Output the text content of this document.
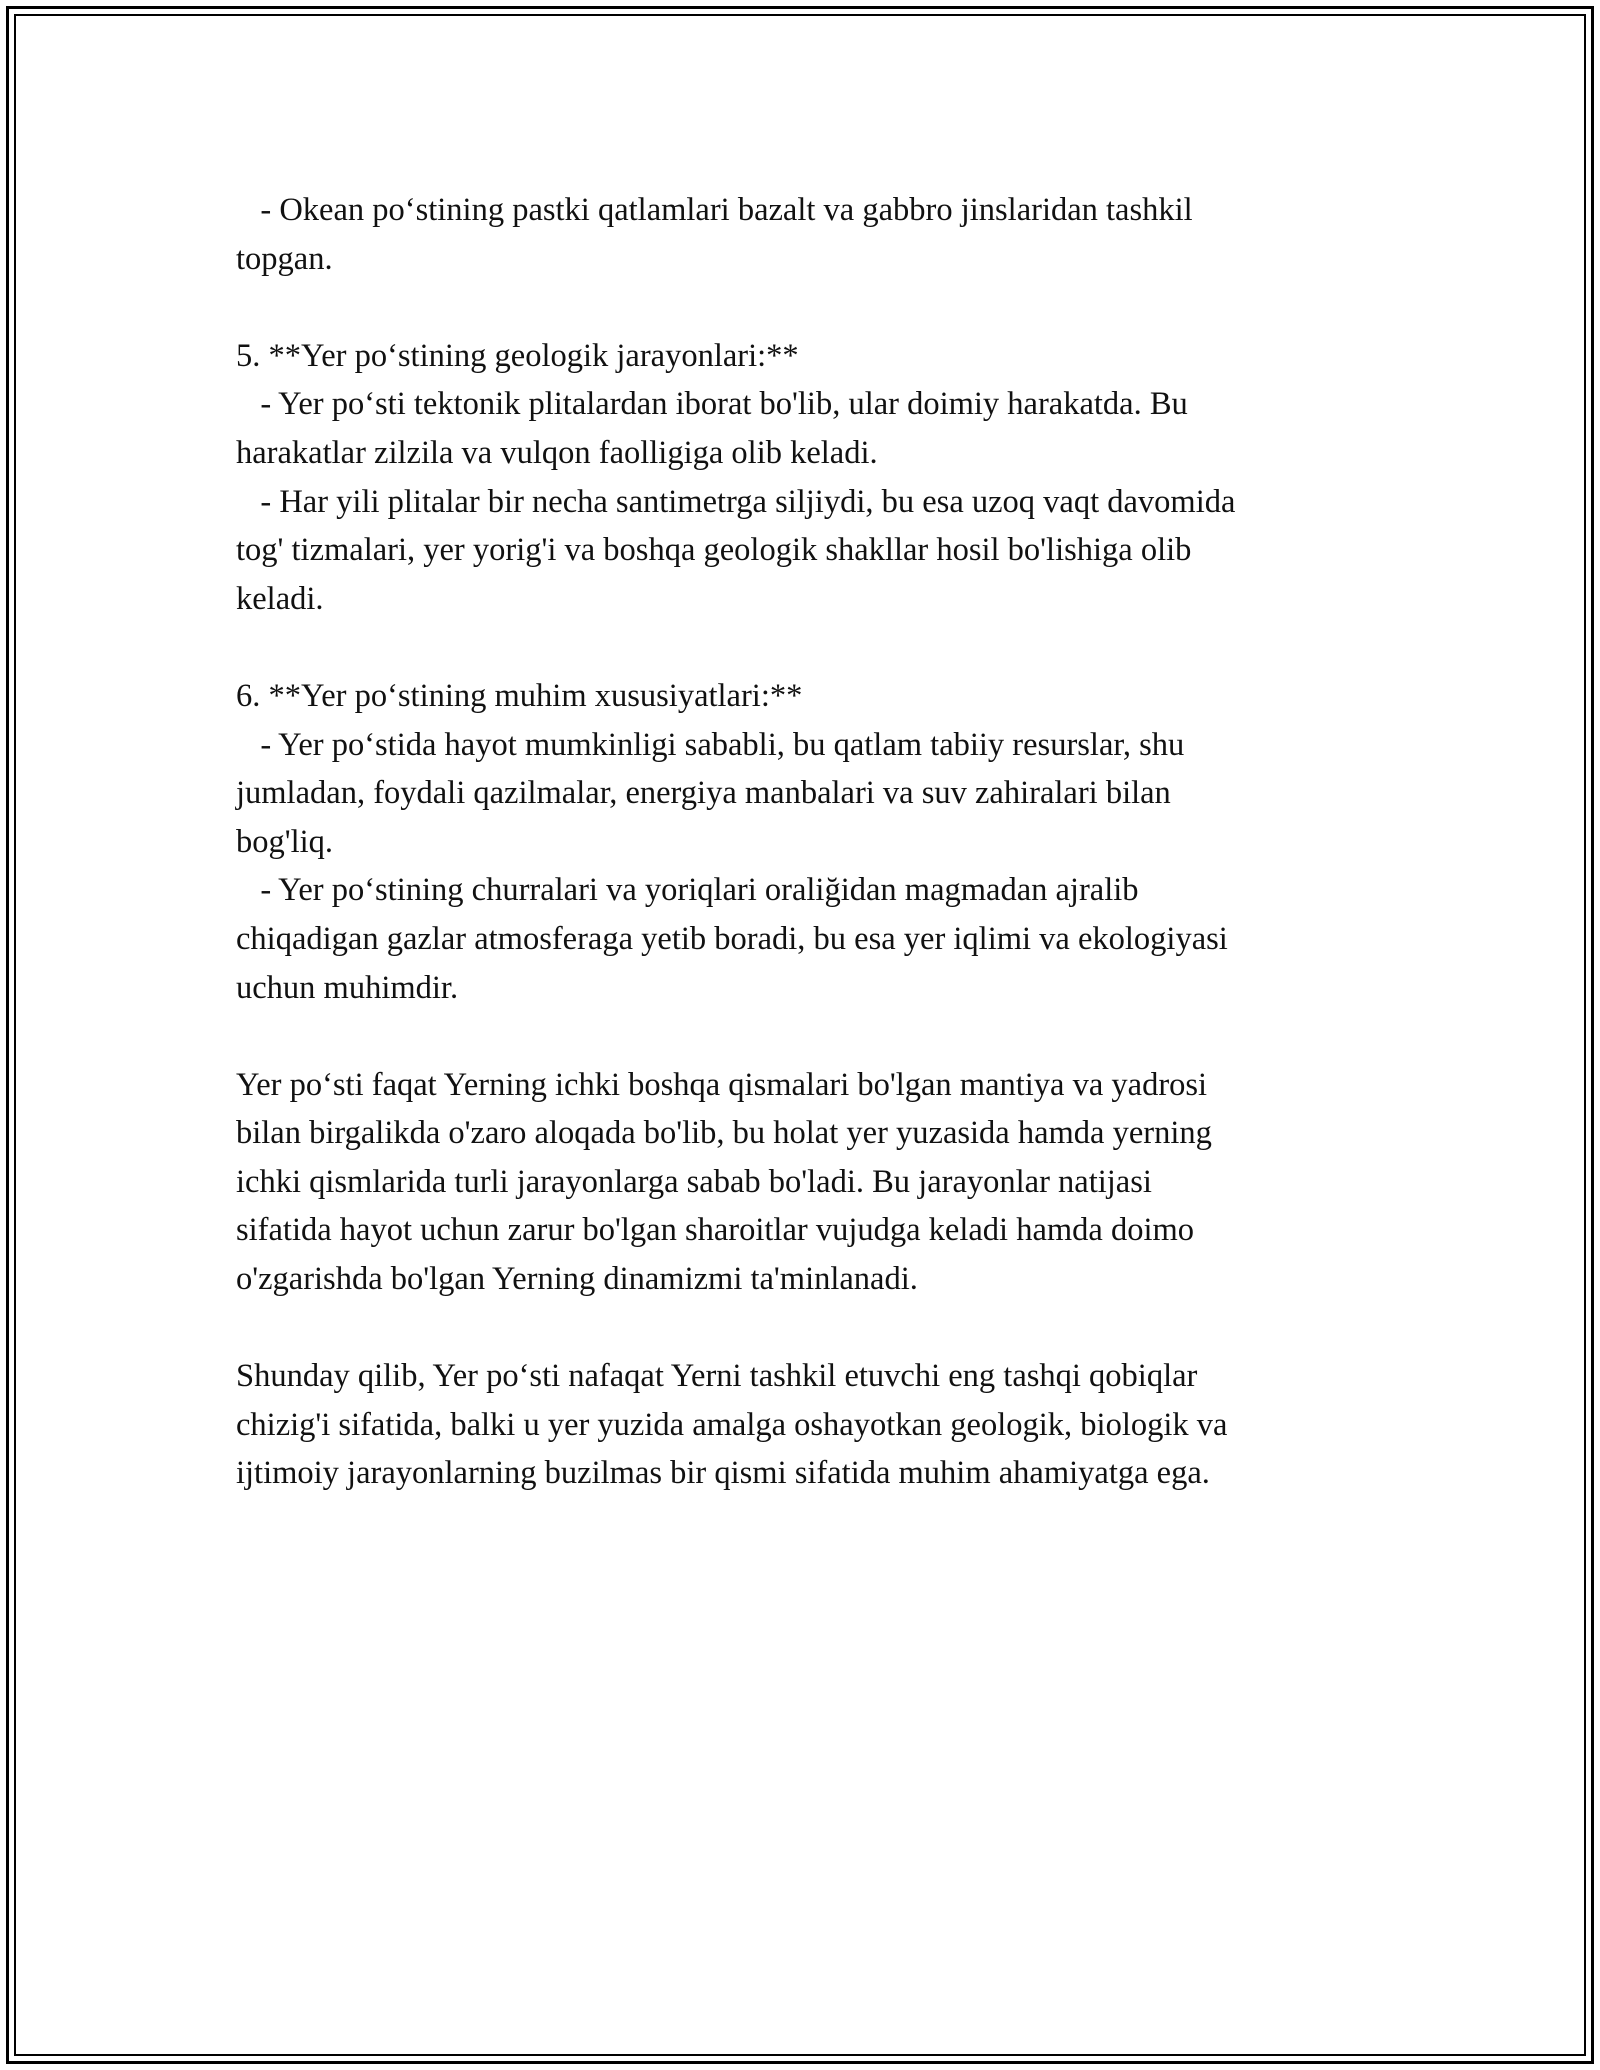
- Okean po‘stining pastki qatlamlari bazalt va gabbro jinslaridan tashkil
topgan.
5. **Yer po‘stining geologik jarayonlari:**
- Yer po‘sti tektonik plitalardan iborat bo'lib, ular doimiy harakatda. Bu
harakatlar zilzila va vulqon faolligiga olib keladi.
- Har yili plitalar bir necha santimetrga siljiydi, bu esa uzoq vaqt davomida
tog' tizmalari, yer yorig'i va boshqa geologik shakllar hosil bo'lishiga olib
keladi.
6. **Yer po‘stining muhim xususiyatlari:**
- Yer po‘stida hayot mumkinligi sababli, bu qatlam tabiiy resurslar, shu
jumladan, foydali qazilmalar, energiya manbalari va suv zahiralari bilan
bog'liq.
- Yer po‘stining churralari va yoriqlari oraliğidan magmadan ajralib
chiqadigan gazlar atmosferaga yetib boradi, bu esa yer iqlimi va ekologiyasi
uchun muhimdir.
Yer po‘sti faqat Yerning ichki boshqa qismalari bo'lgan mantiya va yadrosi
bilan birgalikda o'zaro aloqada bo'lib, bu holat yer yuzasida hamda yerning
ichki qismlarida turli jarayonlarga sabab bo'ladi. Bu jarayonlar natijasi
sifatida hayot uchun zarur bo'lgan sharoitlar vujudga keladi hamda doimo
o'zgarishda bo'lgan Yerning dinamizmi ta'minlanadi.
Shunday qilib, Yer po‘sti nafaqat Yerni tashkil etuvchi eng tashqi qobiqlar
chizig'i sifatida, balki u yer yuzida amalga oshayotkan geologik, biologik va
ijtimoiy jarayonlarning buzilmas bir qismi sifatida muhim ahamiyatga ega.
